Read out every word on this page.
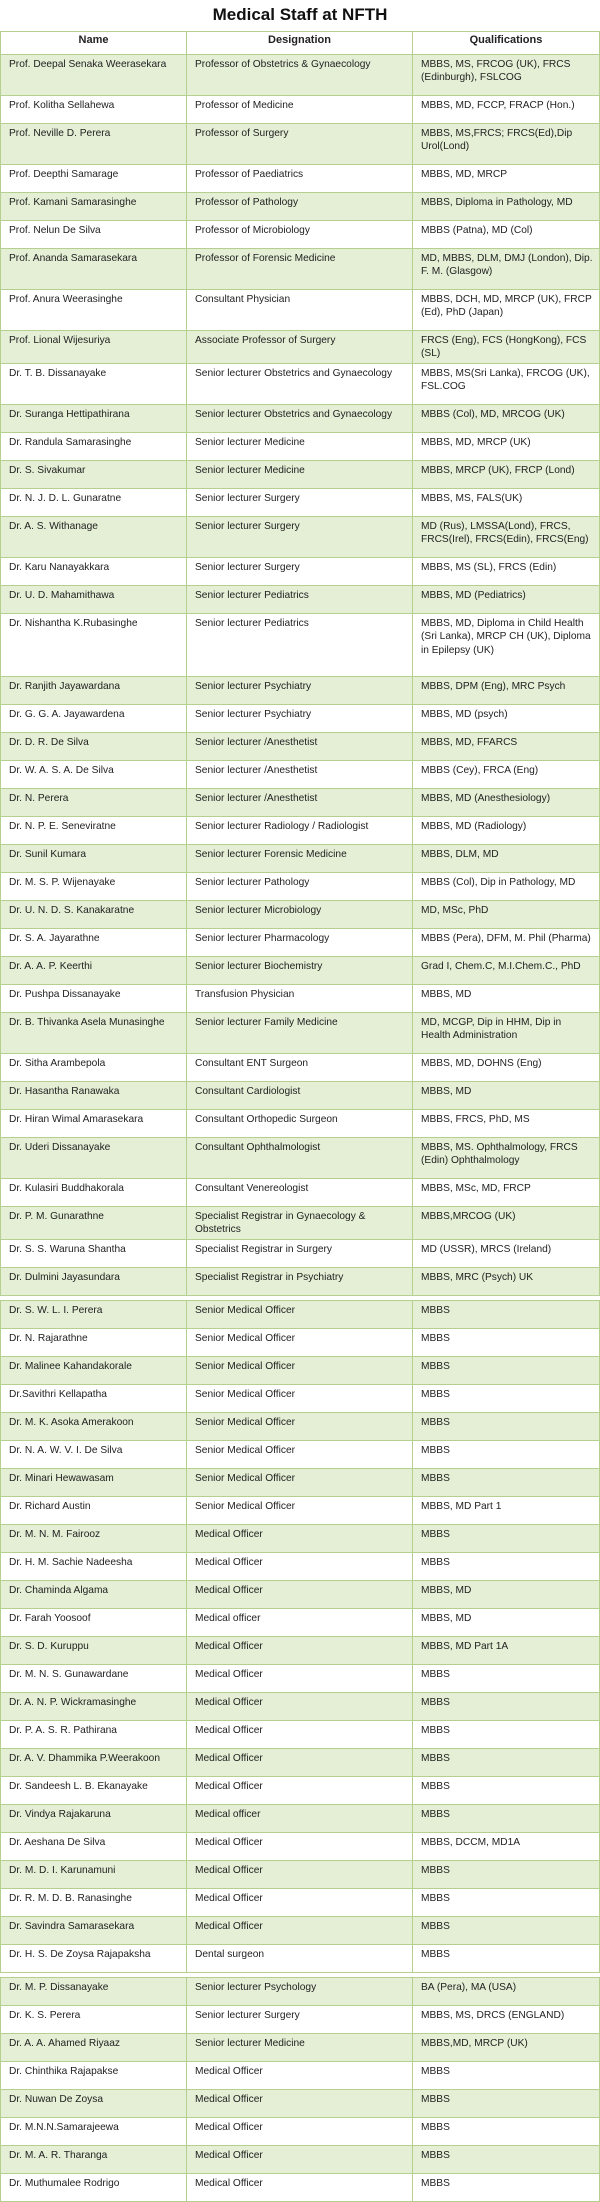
Medical Staff at NFTH
Name	Designation	Qualifications
Prof. Deepal Senaka Weerasekara	Professor of Obstetrics & Gynaecology	MBBS, MS, FRCOG (UK), FRCS (Edinburgh), FSLCOG
Prof. Kolitha Sellahewa	Professor of Medicine	MBBS, MD, FCCP, FRACP (Hon.)
Prof. Neville D. Perera	Professor of Surgery	MBBS, MS,FRCS; FRCS(Ed),Dip Urol(Lond)
Prof. Deepthi Samarage	Professor of Paediatrics	MBBS, MD, MRCP
Prof. Kamani Samarasinghe	Professor of Pathology	MBBS, Diploma in Pathology, MD
Prof. Nelun De Silva	Professor of Microbiology	MBBS (Patna), MD (Col)
Prof. Ananda Samarasekara	Professor of Forensic Medicine	MD, MBBS, DLM, DMJ (London), Dip. F. M. (Glasgow)
Prof. Anura Weerasinghe	Consultant Physician	MBBS, DCH, MD, MRCP (UK), FRCP (Ed), PhD (Japan)
Prof. Lional Wijesuriya	Associate Professor of Surgery	FRCS (Eng), FCS (HongKong), FCS (SL)
Dr. T. B. Dissanayake	Senior lecturer Obstetrics and Gynaecology	MBBS, MS(Sri Lanka), FRCOG (UK), FSL.COG
Dr. Suranga Hettipathirana	Senior lecturer Obstetrics and Gynaecology	MBBS (Col), MD, MRCOG (UK)
Dr. Randula Samarasinghe	Senior lecturer Medicine	MBBS, MD, MRCP (UK)
Dr. S. Sivakumar	Senior lecturer Medicine	MBBS, MRCP (UK), FRCP (Lond)
Dr. N. J. D. L. Gunaratne	Senior lecturer Surgery	MBBS, MS, FALS(UK)
Dr. A. S. Withanage	Senior lecturer Surgery	MD (Rus), LMSSA(Lond), FRCS, FRCS(Irel), FRCS(Edin), FRCS(Eng)
Dr. Karu Nanayakkara	Senior lecturer Surgery	MBBS, MS (SL), FRCS (Edin)
Dr. U. D. Mahamithawa	Senior lecturer Pediatrics	MBBS, MD (Pediatrics)
Dr. Nishantha K.Rubasinghe	Senior lecturer Pediatrics	MBBS, MD, Diploma in Child Health (Sri Lanka), MRCP CH (UK), Diploma in Epilepsy (UK)
Dr. Ranjith Jayawardana	Senior lecturer Psychiatry	MBBS, DPM (Eng), MRC Psych
Dr. G. G. A. Jayawardena	Senior lecturer Psychiatry	MBBS, MD (psych)
Dr. D. R. De Silva	Senior lecturer /Anesthetist	MBBS, MD, FFARCS
Dr. W. A. S. A. De Silva	Senior lecturer /Anesthetist	MBBS (Cey), FRCA (Eng)
Dr. N. Perera	Senior lecturer /Anesthetist	MBBS, MD (Anesthesiology)
Dr. N. P. E. Seneviratne	Senior lecturer Radiology / Radiologist	MBBS, MD (Radiology)
Dr. Sunil Kumara	Senior lecturer Forensic Medicine	MBBS, DLM, MD
Dr. M. S. P. Wijenayake	Senior lecturer Pathology	MBBS (Col), Dip in Pathology, MD
Dr. U. N. D. S. Kanakaratne	Senior lecturer Microbiology	MD, MSc, PhD
Dr. S. A. Jayarathne	Senior lecturer Pharmacology	MBBS (Pera), DFM, M. Phil (Pharma)
Dr. A. A. P. Keerthi	Senior lecturer Biochemistry	Grad I, Chem.C, M.I.Chem.C., PhD
Dr. Pushpa Dissanayake	Transfusion Physician	MBBS, MD
Dr. B. Thivanka Asela Munasinghe	Senior lecturer Family Medicine	MD, MCGP, Dip in HHM, Dip in Health Administration
Dr. Sitha Arambepola	Consultant ENT Surgeon	MBBS, MD, DOHNS (Eng)
Dr. Hasantha Ranawaka	Consultant Cardiologist	MBBS, MD
Dr. Hiran Wimal Amarasekara	Consultant Orthopedic Surgeon	MBBS, FRCS, PhD, MS
Dr. Uderi Dissanayake	Consultant Ophthalmologist	MBBS, MS. Ophthalmology, FRCS (Edin) Ophthalmology
Dr. Kulasiri Buddhakorala	Consultant Venereologist	MBBS, MSc, MD, FRCP
Dr. P. M. Gunarathne	Specialist Registrar in Gynaecology & Obstetrics	MBBS,MRCOG (UK)
Dr. S. S. Waruna Shantha	Specialist Registrar in Surgery	MD (USSR), MRCS (Ireland)
Dr. Dulmini Jayasundara	Specialist Registrar in Psychiatry	MBBS, MRC (Psych) UK

Dr. S. W. L. I. Perera	Senior Medical Officer	MBBS
Dr. N. Rajarathne	Senior Medical Officer	MBBS
Dr. Malinee Kahandakorale	Senior Medical Officer	MBBS
Dr.Savithri Kellapatha	Senior Medical Officer	MBBS
Dr. M. K. Asoka Amerakoon	Senior Medical Officer	MBBS
Dr. N. A. W. V. I. De Silva	Senior Medical Officer	MBBS
Dr. Minari Hewawasam	Senior Medical Officer	MBBS
Dr. Richard Austin	Senior Medical Officer	MBBS, MD Part 1
Dr. M. N. M. Fairooz	Medical Officer	MBBS
Dr. H. M. Sachie Nadeesha	Medical Officer	MBBS
Dr. Chaminda Algama	Medical Officer	MBBS, MD
Dr. Farah Yoosoof	Medical officer	MBBS, MD
Dr. S. D. Kuruppu	Medical Officer	MBBS, MD Part 1A
Dr. M. N. S. Gunawardane	Medical Officer	MBBS
Dr. A. N. P. Wickramasinghe	Medical Officer	MBBS
Dr. P. A. S. R. Pathirana	Medical Officer	MBBS
Dr. A. V. Dhammika P.Weerakoon	Medical Officer	MBBS
Dr. Sandeesh L. B. Ekanayake	Medical Officer	MBBS
Dr. Vindya Rajakaruna	Medical officer	MBBS
Dr. Aeshana De Silva	Medical Officer	MBBS, DCCM, MD1A
Dr. M. D. I. Karunamuni	Medical Officer	MBBS
Dr. R. M. D. B. Ranasinghe	Medical Officer	MBBS
Dr. Savindra Samarasekara	Medical Officer	MBBS
Dr. H. S. De Zoysa Rajapaksha	Dental surgeon	MBBS

Dr. M. P. Dissanayake	Senior lecturer Psychology	BA (Pera), MA (USA)
Dr. K. S. Perera	Senior lecturer Surgery	MBBS, MS, DRCS (ENGLAND)
Dr. A. A. Ahamed Riyaaz	Senior lecturer Medicine	MBBS,MD, MRCP (UK)
Dr. Chinthika Rajapakse	Medical Officer	MBBS
Dr. Nuwan De Zoysa	Medical Officer	MBBS
Dr. M.N.N.Samarajeewa	Medical Officer	MBBS
Dr. M. A. R. Tharanga	Medical Officer	MBBS
Dr. Muthumalee Rodrigo	Medical Officer	MBBS
